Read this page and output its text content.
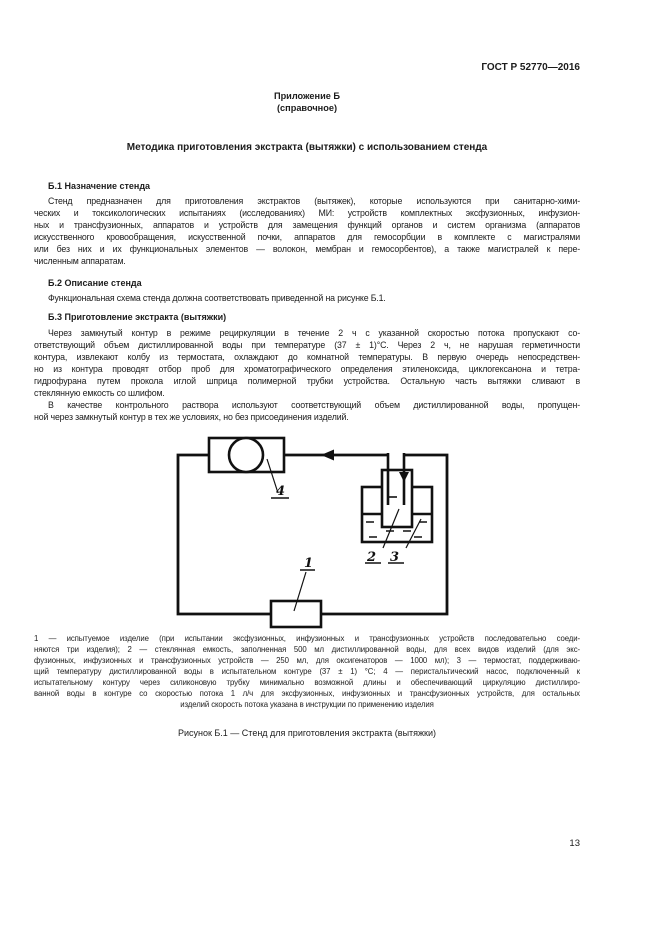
ГОСТ Р 52770—2016
Приложение Б
(справочное)
Методика приготовления экстракта (вытяжки) с использованием стенда
Б.1 Назначение стенда
Стенд предназначен для приготовления экстрактов (вытяжек), которые используются при санитарно-хими-
ческих и токсикологических испытаниях (исследованиях) МИ: устройств комплектных эксфузионных, инфузион-
ных и трансфузионных, аппаратов и устройств для замещения функций органов и систем организма (аппаратов
искусственного кровообращения, искусственной почки, аппаратов для гемосорбции в комплекте с магистралями
или без них и их функциональных элементов — волокон, мембран и гемосорбентов), а также магистралей к пере-
численным аппаратам.
Б.2 Описание стенда
Функциональная схема стенда должна соответствовать приведенной на рисунке Б.1.
Б.3 Приготовление экстракта (вытяжки)
Через замкнутый контур в режиме рециркуляции в течение 2 ч с указанной скоростью потока пропускают со-
ответствующий объем дистиллированной воды при температуре (37 ± 1)°С. Через 2 ч, не нарушая герметичности
контура, извлекают колбу из термостата, охлаждают до комнатной температуры. В первую очередь непосредствен-
но из контура проводят отбор проб для хроматографического определения этиленоксида, циклогексанона и тетра-
гидрофурана путем прокола иглой шприца полимерной трубки устройства. Остальную часть вытяжки сливают в
стеклянную емкость со шлифом.
В качестве контрольного раствора используют соответствующий объем дистиллированной воды, пропущен-
ной через замкнутый контур в тех же условиях, но без присоединения изделий.
1	2 3
4
1 — испытуемое изделие (при испытании эксфузионных, инфузионных и трансфузионных устройств последовательно соеди-
няются три изделия); 2 — стеклянная емкость, заполненная 500 мл дистиллированной воды, для всех видов изделий (для экс-
фузионных, инфузионных и трансфузионных устройств — 250 мл, для оксигенаторов — 1000 мл); 3 — термостат, поддерживаю-
щий температуру дистиллированной воды в испытательном контуре (37 ± 1) °С; 4 — перистальтический насос, подключенный к
испытательному контуру через силиконовую трубку минимально возможной длины и обеспечивающий циркуляцию дистиллиро-
ванной воды в контуре со скоростью потока 1 л/ч для эксфузионных, инфузионных и трансфузионных устройств, для остальных
изделий скорость потока указана в инструкции по применению изделия
Рисунок Б.1 — Стенд для приготовления экстракта (вытяжки)
13
